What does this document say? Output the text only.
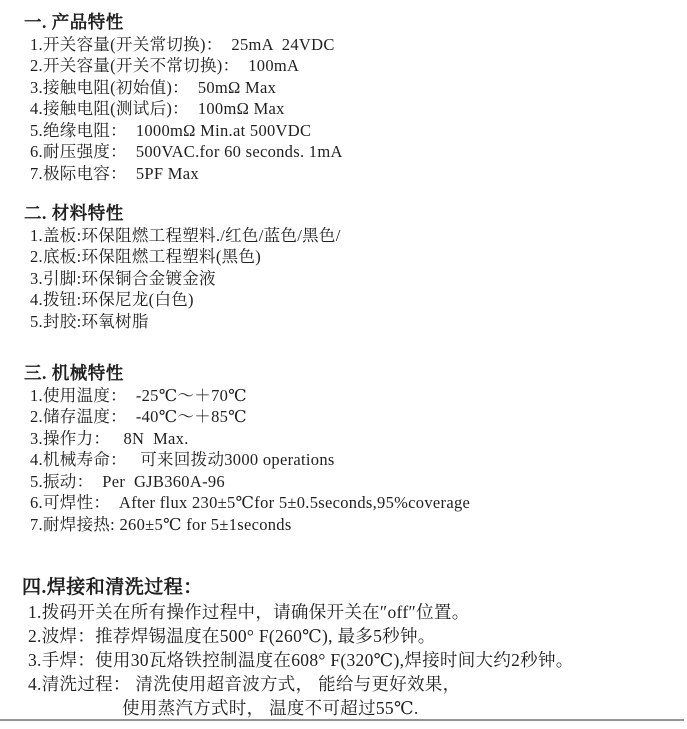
一. 产品特性
1.开关容量(开关常切换)：  25mA  24VDC
2.开关容量(开关不常切换)：  100mA
3.接触电阻(初始值)：  50mΩ Max
4.接触电阻(测试后)：  100mΩ Max
5.绝缘电阻：  1000mΩ Min.at 500VDC
6.耐压强度：  500VAC.for 60 seconds. 1mA
7.极际电容：  5PF Max
二. 材料特性
1.盖板:环保阻燃工程塑料./红色/蓝色/黑色/
2.底板:环保阻燃工程塑料(黑色)
3.引脚:环保铜合金镀金液
4.拨钮:环保尼龙(白色)
5.封胶:环氧树脂
三. 机械特性
1.使用温度：  -25℃～＋70℃
2.储存温度：  -40℃～＋85℃
3.操作力：   8N  Max.
4.机械寿命：   可来回拨动3000 operations
5.振动：  Per  GJB360A-96
6.可焊性：  After flux 230±5℃for 5±0.5seconds,95%coverage
7.耐焊接热: 260±5℃ for 5±1seconds
四.焊接和清洗过程：
1.拨码开关在所有操作过程中，请确保开关在″off″位置。
2.波焊：推荐焊锡温度在500° F(260℃), 最多5秒钟。
3.手焊：使用30瓦烙铁控制温度在608° F(320℃),焊接时间大约2秒钟。
4.清洗过程： 清洗使用超音波方式， 能给与更好效果，
使用蒸汽方式时， 温度不可超过55℃.
